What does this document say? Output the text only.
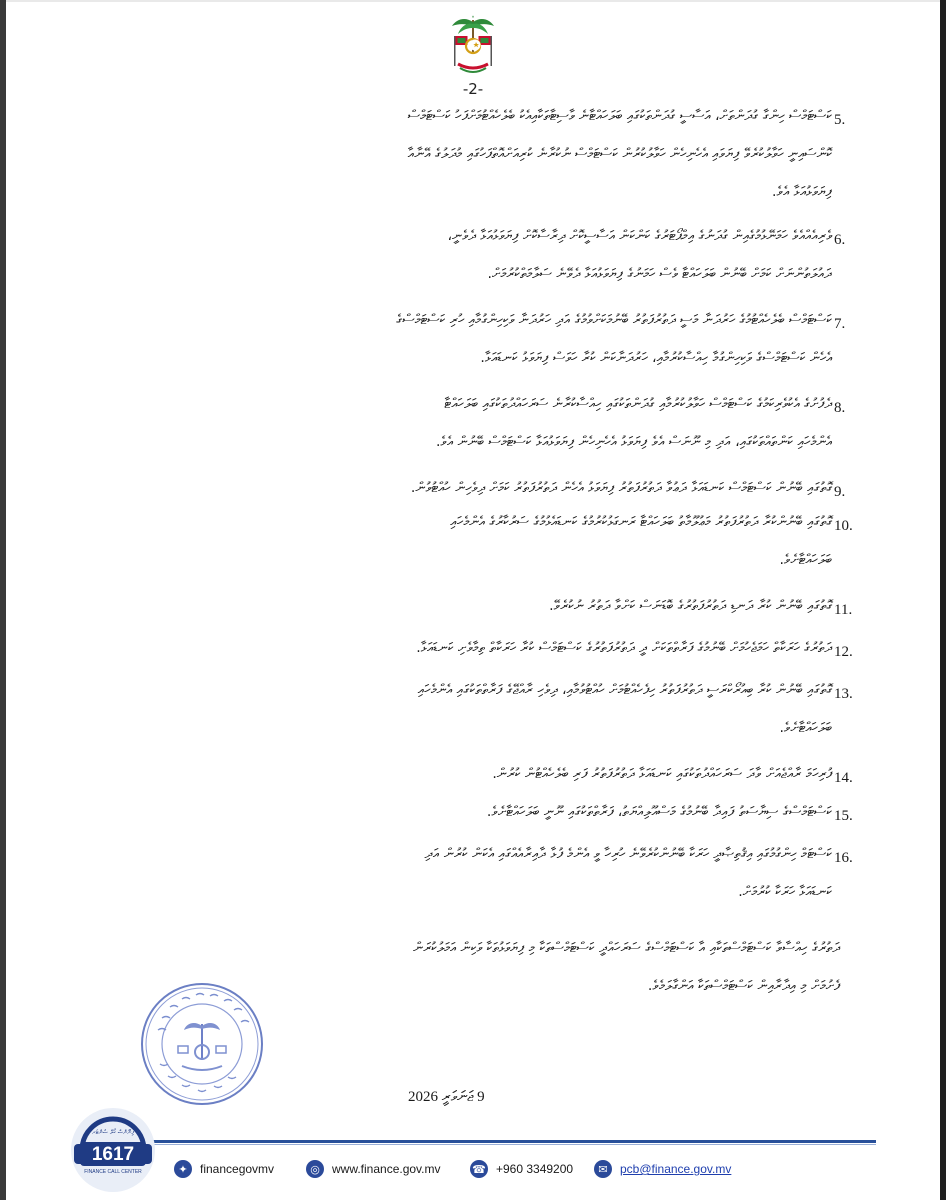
-2-
5.
ކަސްޓަމްސް ހިންގާ ގުދަންތަށް، އަސާސީ ގުދަންތަކުގައި ބަލަހައްޓާނެ ވާސިޓާތަކާއިއެކު ބެލެހެއްޓުމަށްފަހު ކަސްޓަމްސް
ކޮންސައިނީ ހަވާލުކުރެވޭ ފިޔަވައި އެހެނިހެން ހަވާލުކުރުން ކަސްޓަމްސް ނުކުރާނެ ކުރިއަށްއޮތްފަހުގައި މުދަލުގެ އޭނާއާ
ފިޔަވަޅުއަޅާ އެވެ.
6.
ވެރިއެއްއެވެ ހަމަނޭޅުމުގެއިން ގުދަނުގެ އިމްޕޯޓަރުގެ ކަންކަން އަސާސީކޮށް ދިރާސާކޮށް ފިޔަވަޅުއަޅާ ދެވެނީ،
ދައުލަތުންނަށް ކަމަށް ބޭނުން ބަލަހައްޓާ ވެސް ހަމަނުގެ ފިޔަވަޅުއަޅާ ދެވޭނެ ސަލާމަތްކުރުމަށް.
7.
ކަސްޓަމްސް ބެލެހެއްޓުމުގެ ހަރުދަނާ މަސީ ދަތުރުފަތުރު ބޭނުމަކަށްވުމުގެ އަދި ހަރުދަނާ ވަކިހިންގުމާއި ހުރި ކަސްޓަމްސްގެ
އެހެން ކަސްޓަމްސްގެ ވަކިހިންގުމާ ހިއްސާކުރުމާއި، ހަރުދަނާކަން ކުރާ ހަވަސް ފިޔަވަޅު ކަނޑައަޅާ.
8.
ދެފުށުގެ އެކުވެރިކަމުގެ ކަސްޓަމްސް ހަވާލުކުރުމާއި ގުދަންތަކުގައި ހިއްސާކުރާނެ ސަރަހައްދުތަކުގައި ބަލަހައްޓާ
އެންމެހައި ކަންތައްތަކުގައި، އަދި މި ނޫނަސް އެވެ ފިޔަވަޅު އެހެނިހެން ފިޔަވަޅުއަޅާ ކަސްޓަމްސް ބޭނުން އެވެ.
9.
ގޮތުގައި ބޭނުން ކަސްޓަމްސް ކަނޑައަޅާ ދަޢުވާ ދަތުރުފަތުރު ފިޔަވަޅު އެހެން ދަތުރުފަތުރު ކަމަށް ދިވެހިން ހުއްޓުވުން.
10.
ގޮތުގައި ބޭނުންކުރާ ދަތުރުފަތުރު މަޢުލޫމާތު ބަލަހައްޓާ ރަނގަޅުކުރުމުގެ ކަނޑައެޅުމުގެ ސަރުކާރުގެ އެންމެހައި
ބަލަހައްޓާށެވެ.
11.
ގޮތުގައި ބޭނުން ކުރާ ދަނޑި ދަތުރުފަތުރުގެ ބޮޑަނަސް ކަށްވާ ދަތުރު ނުކުރެވޭ.
12.
ދަތުރުގެ ހަރަކާތް ހަމަޖެހުމަށް ބޭނުމުގެ ފަރާތްތަކަށް ދީ ދަތުރުފަތުރުގެ ކަސްޓަމްސް ކުރާ ހަރަކާތް ތިމާވެށި ކަނޑައަޅާ.
13.
ގޮތުގައި ބޭނުން ކުރާ ބިއުރޯކްރަސީ ދަތުރުފަތުރު ހިފެހެއްޓުމަށް ހުއްޓުވުމާއި، ދިވެހި ރާއްޖޭގެ ފަރާތްތަކުގައި އެންމެހައި
ބަލަހައްޓާށެވެ.
14.
ފުރިހަމަ ރާއްޖެއަށް ވާދަ ސަރަހައްދުތަކުގައި ކަނޑައަޅާ ދަތުރުފަތުރު ފަރި ބެލެހެއްޓުން ކުރުން.
15.
ކަސްޓަމްސްގެ ސިޔާސަތު ފައިދާ ބޭނުމުގެ މަސްއޫލިއްޔަތު، ފަރާތްތަކުގައި ނޫނީ ބަލަހައްޓާށެވެ.
16.
ކަސްޓަމް ހިންގުމުގައި އިޤުތިޞާދީ ހަރަކާ ބޭނުންކުރެވޭނެ ހުރިހާ ވީ އެންމެ ފުޅާ ދާއިރާއެއްގައި އެކަން ކުރުން އަދި
ކަނޑައަޅާ ހަރަކާ ކުރުމަށް.
ދަތުރުގެ ހިއްސާވާ ކަސްޓަމްސްތަކާއި އާ ކަސްޓަމްސްގެ ސަރަހައްދީ ކަސްޓަމްސްތަކާ މި ފިޔަވަޅުތަކާ ވަކިން އަމަލުކުރަން
ފެށުމަށް މި އިދާރާއިން ކަސްޓަމްސްތަކާ އަންގާލަމެވެ.
9 ޖަނަވަރީ 2026
1617
FINANCE CALL CENTER
ފިނޭންސް ކޯލް ސެންޓަރ
✦	financegovmv	◎	www.finance.gov.mv	☎ +960 3349200	✉	pcb@finance.gov.mv
